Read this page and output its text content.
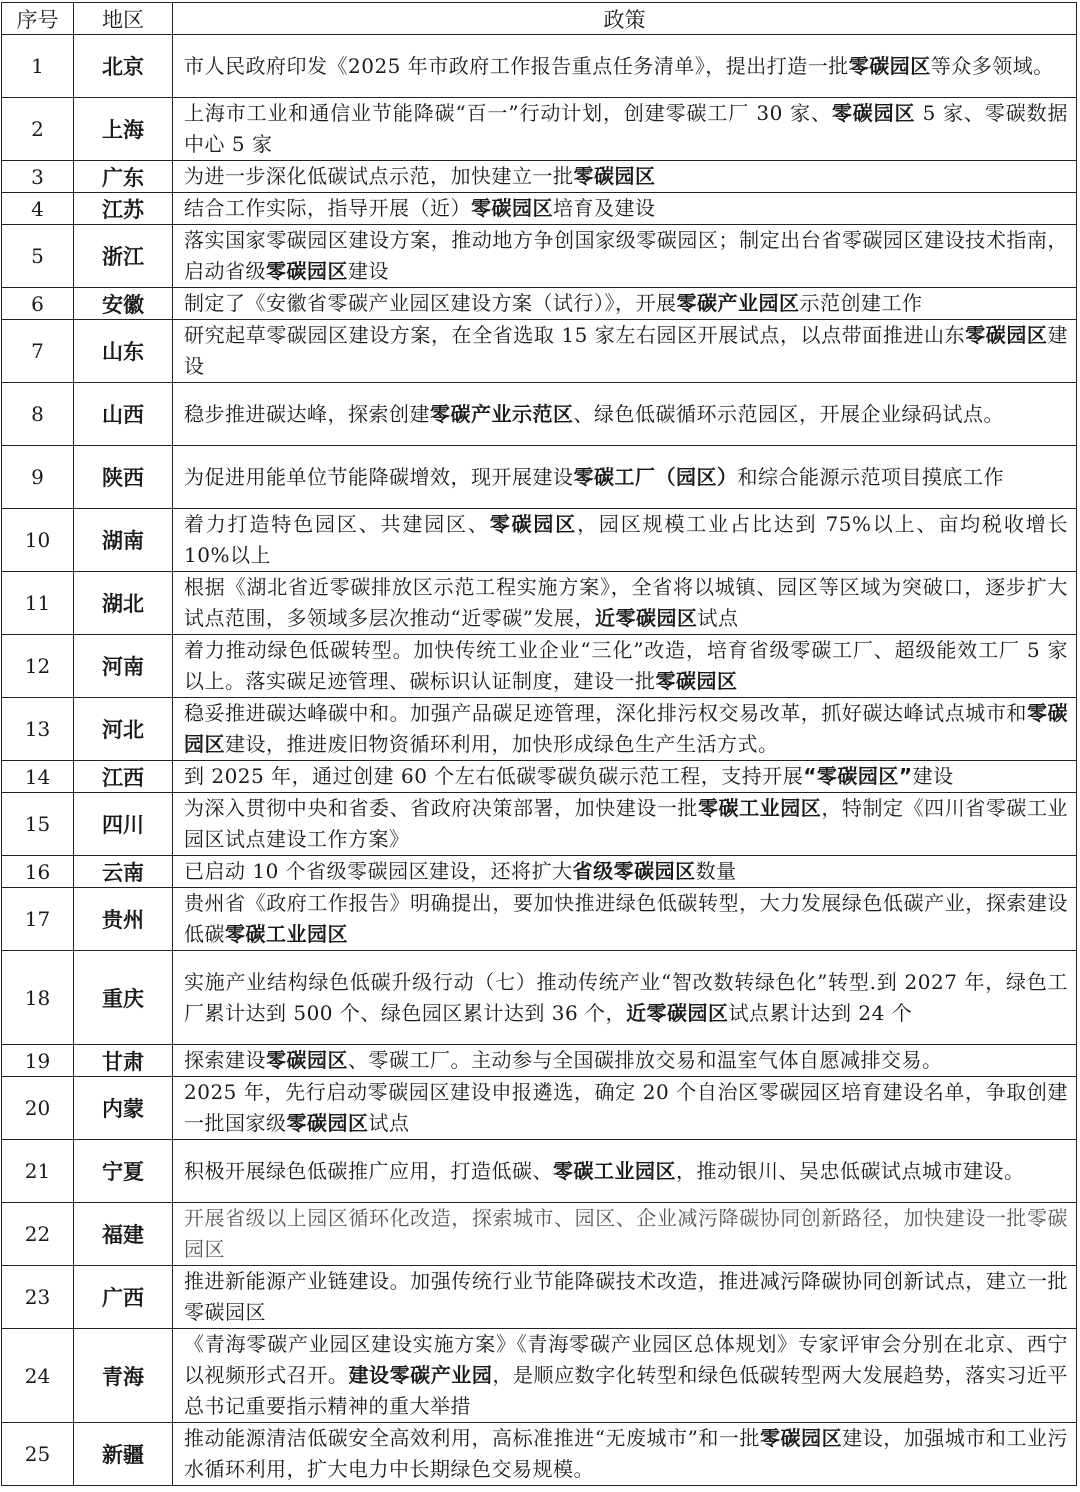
序号	地区	政策
1	北京	市人民政府印发《2025 年市政府工作报告重点任务清单》，提出打造一批零碳园区等众多领域。
2	上海	上海市工业和通信业节能降碳“百一”行动计划，创建零碳工厂 30 家、零碳园区 5 家、零碳数据中心 5 家
3	广东	为进一步深化低碳试点示范，加快建立一批零碳园区
4	江苏	结合工作实际，指导开展（近）零碳园区培育及建设
5	浙江	落实国家零碳园区建设方案，推动地方争创国家级零碳园区；制定出台省零碳园区建设技术指南，启动省级零碳园区建设
6	安徽	制定了《安徽省零碳产业园区建设方案（试行）》，开展零碳产业园区示范创建工作
7	山东	研究起草零碳园区建设方案，在全省选取 15 家左右园区开展试点，以点带面推进山东零碳园区建设
8	山西	稳步推进碳达峰，探索创建零碳产业示范区、绿色低碳循环示范园区，开展企业绿码试点。
9	陕西	为促进用能单位节能降碳增效，现开展建设零碳工厂（园区）和综合能源示范项目摸底工作
10	湖南	着力打造特色园区、共建园区、零碳园区，园区规模工业占比达到 75%以上、亩均税收增长 10%以上
11	湖北	根据《湖北省近零碳排放区示范工程实施方案》，全省将以城镇、园区等区域为突破口，逐步扩大试点范围，多领域多层次推动“近零碳”发展，近零碳园区试点
12	河南	着力推动绿色低碳转型。加快传统工业企业“三化”改造，培育省级零碳工厂、超级能效工厂 5 家以上。落实碳足迹管理、碳标识认证制度，建设一批零碳园区
13	河北	稳妥推进碳达峰碳中和。加强产品碳足迹管理，深化排污权交易改革，抓好碳达峰试点城市和零碳园区建设，推进废旧物资循环利用，加快形成绿色生产生活方式。
14	江西	到 2025 年，通过创建 60 个左右低碳零碳负碳示范工程，支持开展“零碳园区”建设
15	四川	为深入贯彻中央和省委、省政府决策部署，加快建设一批零碳工业园区，特制定《四川省零碳工业园区试点建设工作方案》
16	云南	已启动 10 个省级零碳园区建设，还将扩大省级零碳园区数量
17	贵州	贵州省《政府工作报告》明确提出，要加快推进绿色低碳转型，大力发展绿色低碳产业，探索建设低碳零碳工业园区
18	重庆	实施产业结构绿色低碳升级行动（七）推动传统产业“智改数转绿色化”转型.到 2027 年，绿色工厂累计达到 500 个、绿色园区累计达到 36 个，近零碳园区试点累计达到 24 个
19	甘肃	探索建设零碳园区、零碳工厂。主动参与全国碳排放交易和温室气体自愿减排交易。
20	内蒙	2025 年，先行启动零碳园区建设申报遴选，确定 20 个自治区零碳园区培育建设名单，争取创建一批国家级零碳园区试点
21	宁夏	积极开展绿色低碳推广应用，打造低碳、零碳工业园区，推动银川、吴忠低碳试点城市建设。
22	福建	开展省级以上园区循环化改造，探索城市、园区、企业减污降碳协同创新路径，加快建设一批零碳园区
23	广西	推进新能源产业链建设。加强传统行业节能降碳技术改造，推进减污降碳协同创新试点，建立一批零碳园区
24	青海	《青海零碳产业园区建设实施方案》《青海零碳产业园区总体规划》专家评审会分别在北京、西宁以视频形式召开。建设零碳产业园，是顺应数字化转型和绿色低碳转型两大发展趋势，落实习近平总书记重要指示精神的重大举措
25	新疆	推动能源清洁低碳安全高效利用，高标准推进“无废城市”和一批零碳园区建设，加强城市和工业污水循环利用，扩大电力中长期绿色交易规模。
